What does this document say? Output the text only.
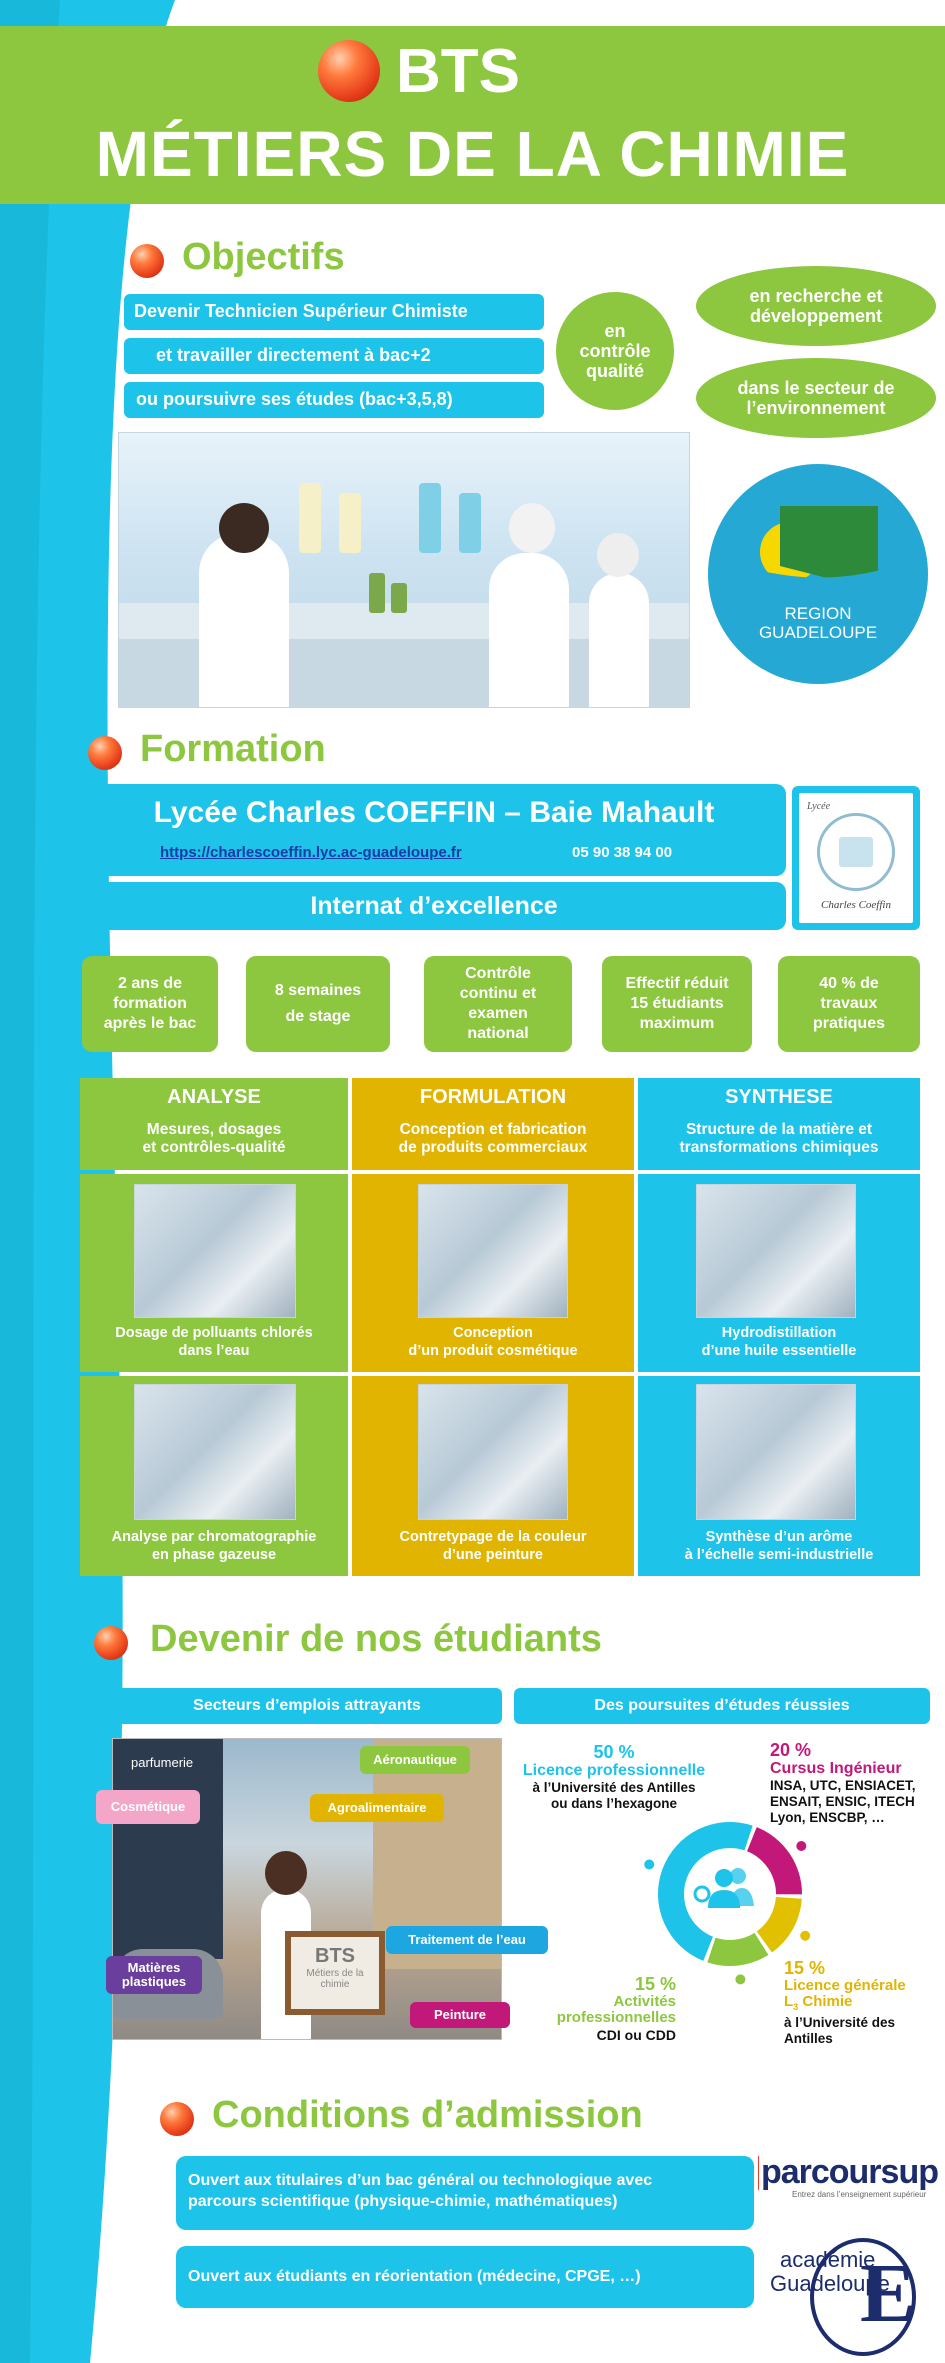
BTS
MÉTIERS DE LA CHIMIE
Objectifs
Devenir Technicien Supérieur Chimiste
et travailler directement à bac+2
ou poursuivre ses études (bac+3,5,8)
en contrôle qualité
en recherche et développement
dans le secteur de l’environnement
REGION
GUADELOUPE
Formation
Lycée Charles COEFFIN – Baie Mahault
https://charlescoeffin.lyc.ac-guadeloupe.fr	05 90 38 94 00
Internat d’excellence
Lycée
Charles Coeffin
2 ans de formation après le bac
8 semaines de stage
Contrôle continu et examen national
Effectif réduit 15 étudiants maximum
40 % de travaux pratiques
ANALYSE
Mesures, dosages
et contrôles-qualité
FORMULATION
Conception et fabrication
de produits commerciaux
SYNTHESE
Structure de la matière et
transformations chimiques
Dosage de polluants chlorés
dans l’eau
Conception
d’un produit cosmétique
Hydrodistillation
d’une huile essentielle
Analyse par chromatographie
en phase gazeuse
Contretypage de la couleur
d’une peinture
Synthèse d’un arôme
à l’échelle semi-industrielle
Devenir de nos étudiants
Secteurs d’emplois attrayants	Des poursuites d’études réussies
parfumerie
BTS
Métiers de la chimie
Aéronautique
Cosmétique	Agroalimentaire
Traitement de l’eau
Matières plastiques
Peinture
50 %
Licence professionnelle
à l’Université des Antilles
ou dans l’hexagone
20 %
Cursus Ingénieur
INSA, UTC, ENSIACET,
ENSAIT, ENSIC, ITECH
Lyon, ENSCBP, …
15 %
Licence générale
$L_3$ Chimie
à l’Université des
Antilles
15 %
Activités
professionnelles
CDI ou CDD
Conditions d’admission
Ouvert aux titulaires d’un bac général ou technologique avec
parcours scientifique (physique-chimie, mathématiques)
Ouvert aux étudiants en réorientation (médecine, CPGE, …)
parcoursup
Entrez dans l’enseignement supérieur
E
académie
Guadeloupe
